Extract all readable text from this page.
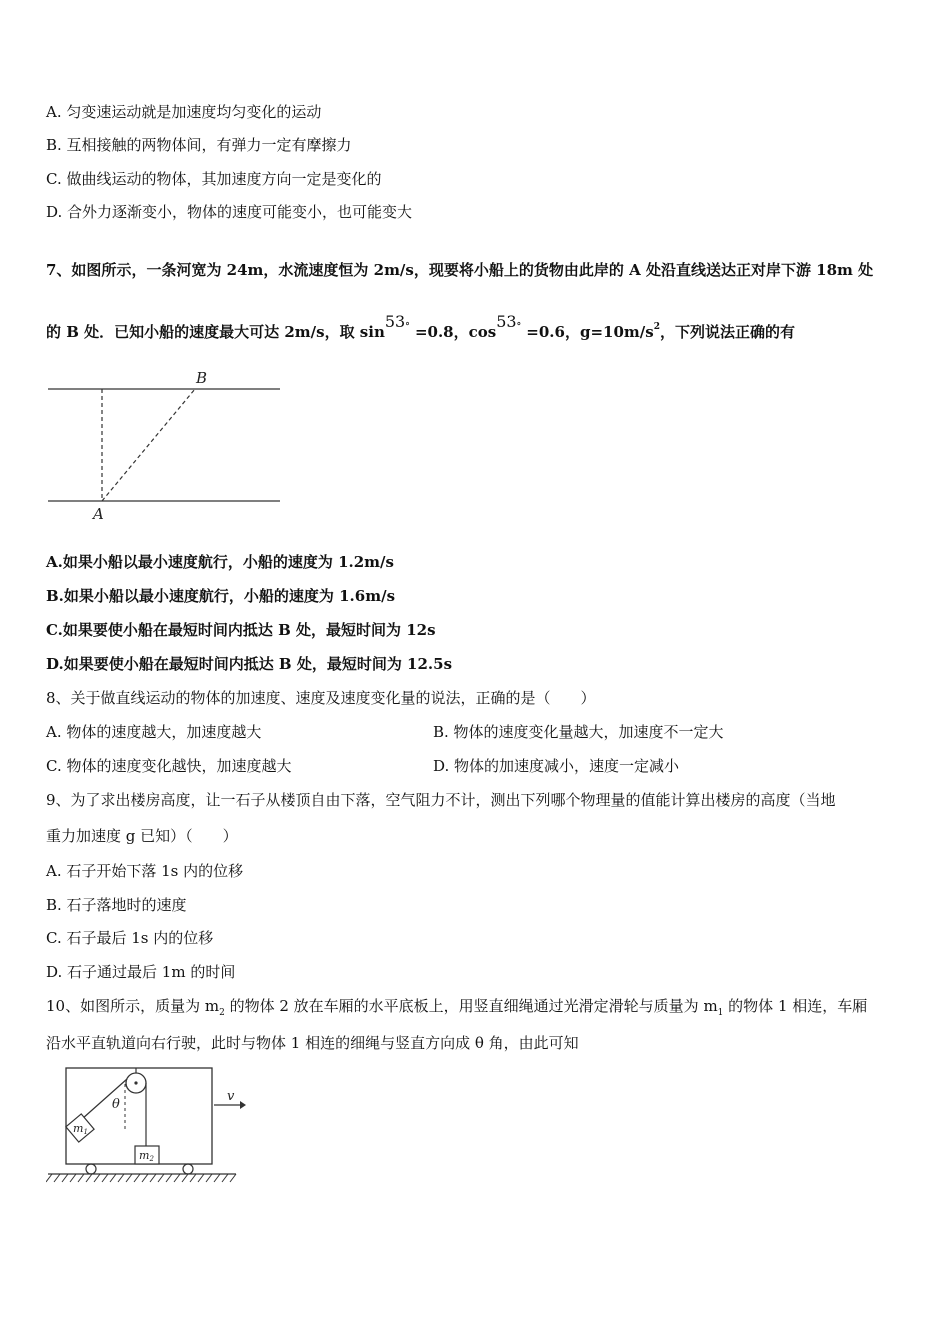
A. 匀变速运动就是加速度均匀变化的运动
B. 互相接触的两物体间，有弹力一定有摩擦力
C. 做曲线运动的物体，其加速度方向一定是变化的
D. 合外力逐渐变小，物体的速度可能变小，也可能变大
7、如图所示，一条河宽为 24m，水流速度恒为 2m/s，现要将小船上的货物由此岸的 A 处沿直线送达正对岸下游 18m 处
的 B 处．已知小船的速度最大可达 2m/s，取 sin53° =0.8，cos53° =0.6，$g=10m/s^2$，下列说法正确的有
B
A
A.如果小船以最小速度航行，小船的速度为 1.2m/s
B.如果小船以最小速度航行，小船的速度为 1.6m/s
C.如果要使小船在最短时间内抵达 B 处，最短时间为 12s
D.如果要使小船在最短时间内抵达 B 处，最短时间为 12.5s
8、关于做直线运动的物体的加速度、速度及速度变化量的说法，正确的是（　　）
A. 物体的速度越大，加速度越大	B. 物体的速度变化量越大，加速度不一定大
C. 物体的速度变化越快，加速度越大	D. 物体的加速度减小，速度一定减小
9、为了求出楼房高度，让一石子从楼顶自由下落，空气阻力不计，测出下列哪个物理量的值能计算出楼房的高度（当地
重力加速度 g 已知）（　　）
A. 石子开始下落 1s 内的位移
B. 石子落地时的速度
C. 石子最后 1s 内的位移
D. 石子通过最后 1m 的时间
10、如图所示，质量为 $m_2$ 的物体 2 放在车厢的水平底板上，用竖直细绳通过光滑定滑轮与质量为 $m_1$ 的物体 1 相连，车厢
沿水平直轨道向右行驶，此时与物体 1 相连的细绳与竖直方向成 θ 角，由此可知
m1
m2
θ
v
